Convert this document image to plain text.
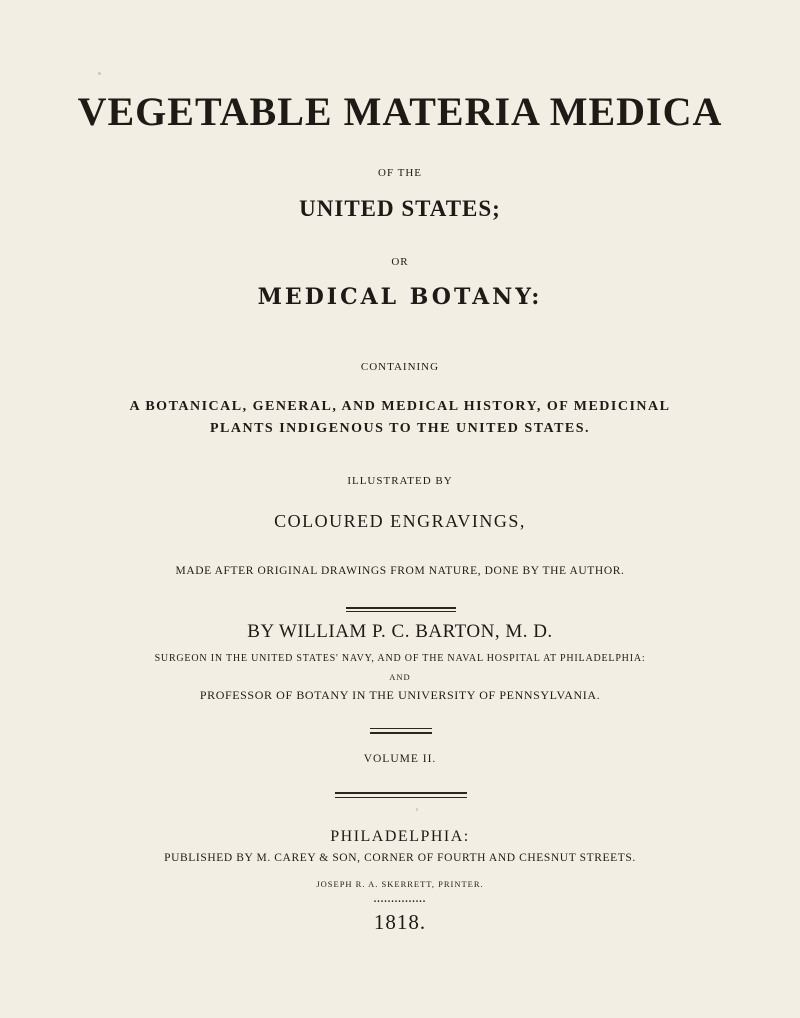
VEGETABLE MATERIA MEDICA
OF THE
UNITED STATES;
OR
MEDICAL BOTANY:
CONTAINING
A BOTANICAL, GENERAL, AND MEDICAL HISTORY, OF MEDICINAL
PLANTS INDIGENOUS TO THE UNITED STATES.
ILLUSTRATED BY
COLOURED ENGRAVINGS,
MADE AFTER ORIGINAL DRAWINGS FROM NATURE, DONE BY THE AUTHOR.
BY WILLIAM P. C. BARTON, M. D.
SURGEON IN THE UNITED STATES' NAVY, AND OF THE NAVAL HOSPITAL AT PHILADELPHIA:
AND
PROFESSOR OF BOTANY IN THE UNIVERSITY OF PENNSYLVANIA.
VOLUME II.
PHILADELPHIA:
PUBLISHED BY M. CAREY & SON, CORNER OF FOURTH AND CHESNUT STREETS.
JOSEPH R. A. SKERRETT, PRINTER.
...............
1818.
